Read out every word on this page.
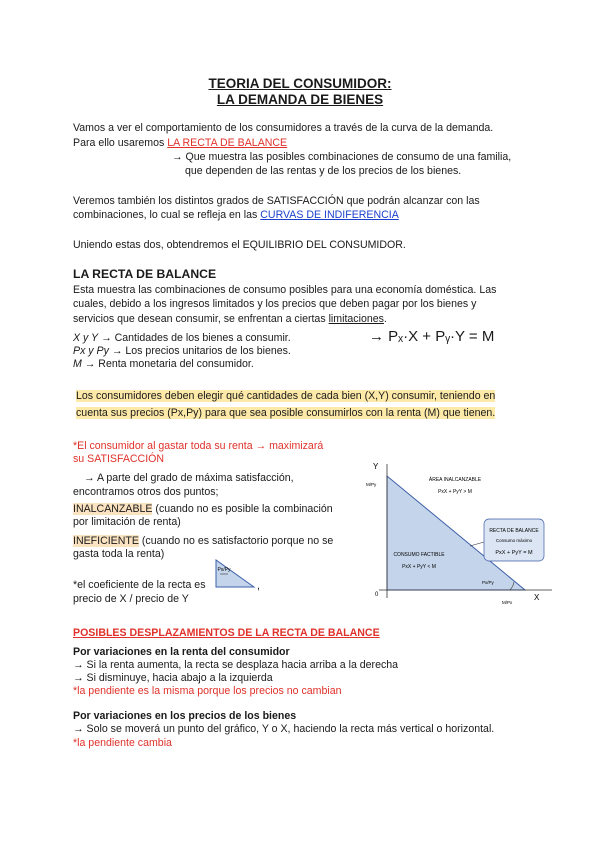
TEORIA DEL CONSUMIDOR:
LA DEMANDA DE BIENES
Vamos a ver el comportamiento de los consumidores a través de la curva de la demanda.
Para ello usaremos LA RECTA DE BALANCE
→ Que muestra las posibles combinaciones de consumo de una familia,
que dependen de las rentas y de los precios de los bienes.
Veremos también los distintos grados de SATISFACCIÓN que podrán alcanzar con las
combinaciones, lo cual se refleja en las CURVAS DE INDIFERENCIA
Uniendo estas dos, obtendremos el EQUILIBRIO DEL CONSUMIDOR.
LA RECTA DE BALANCE
Esta muestra las combinaciones de consumo posibles para una economía doméstica. Las
cuales, debido a los ingresos limitados y los precios que deben pagar por los bienes y
servicios que desean consumir, se enfrentan a ciertas limitaciones.
X y Y → Cantidades de los bienes a consumir.
Px y Py → Los precios unitarios de los bienes.
M → Renta monetaria del consumidor.
→ Pₓ·X + Pᵧ·Y = M
Los consumidores deben elegir qué cantidades de cada bien (X,Y) consumir, teniendo en
cuenta sus precios (Px,Py) para que sea posible consumirlos con la renta (M) que tienen.
*El consumidor al gastar toda su renta → maximizará
su SATISFACCIÓN
→ A parte del grado de máxima satisfacción,
encontramos otros dos puntos;
INALCANZABLE (cuando no es posible la combinación
por limitación de renta)
INEFICIENTE (cuando no es satisfactorio porque no se
gasta toda la renta)
*el coeficiente de la recta es
precio de X / precio de Y
,
Px/Py
Y
X
0
M/Py
M/Px
ÁREA INALCANZABLE
PxX + PyY > M
CONSUMO FACTIBLE
PxX + PyY < M
RECTA DE BALANCE
Consumo máximo
PxX + PyY = M
Px/Py
POSIBLES DESPLAZAMIENTOS DE LA RECTA DE BALANCE
Por variaciones en la renta del consumidor
→ Si la renta aumenta, la recta se desplaza hacia arriba a la derecha
→ Si disminuye, hacia abajo a la izquierda
*la pendiente es la misma porque los precios no cambian
Por variaciones en los precios de los bienes
→ Solo se moverá un punto del gráfico, Y o X, haciendo la recta más vertical o horizontal.
*la pendiente cambia
